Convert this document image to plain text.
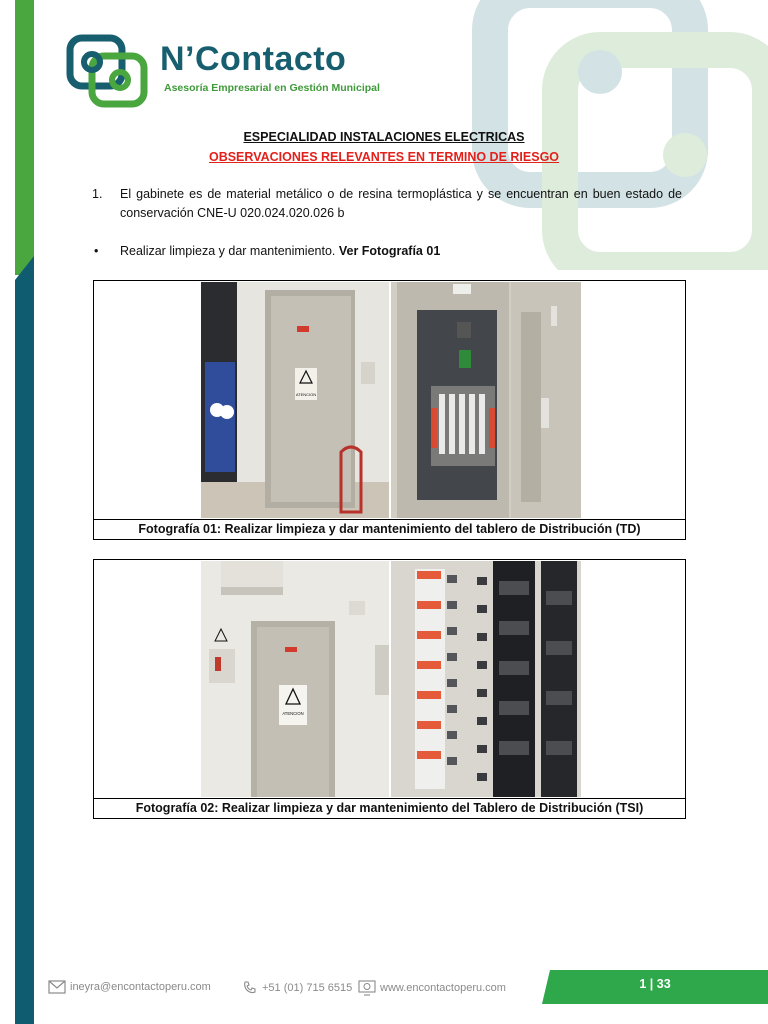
N’Contacto
Asesoría Empresarial en Gestión Municipal
ESPECIALIDAD INSTALACIONES ELECTRICAS
OBSERVACIONES RELEVANTES EN TERMINO DE RIESGO
1. El gabinete es de material metálico o de resina termoplástica y se encuentran en buen estado de conservación CNE-U 020.024.020.026 b
• Realizar limpieza y dar mantenimiento. Ver Fotografía 01
ATENCION
Fotografía 01: Realizar limpieza y dar mantenimiento del tablero de Distribución (TD)
ATENCION
Fotografía 02: Realizar limpieza y dar mantenimiento del Tablero de Distribución (TSI)
ineyra@encontactoperu.com	+51 (01) 715 6515	www.encontactoperu.com	1 | 33
